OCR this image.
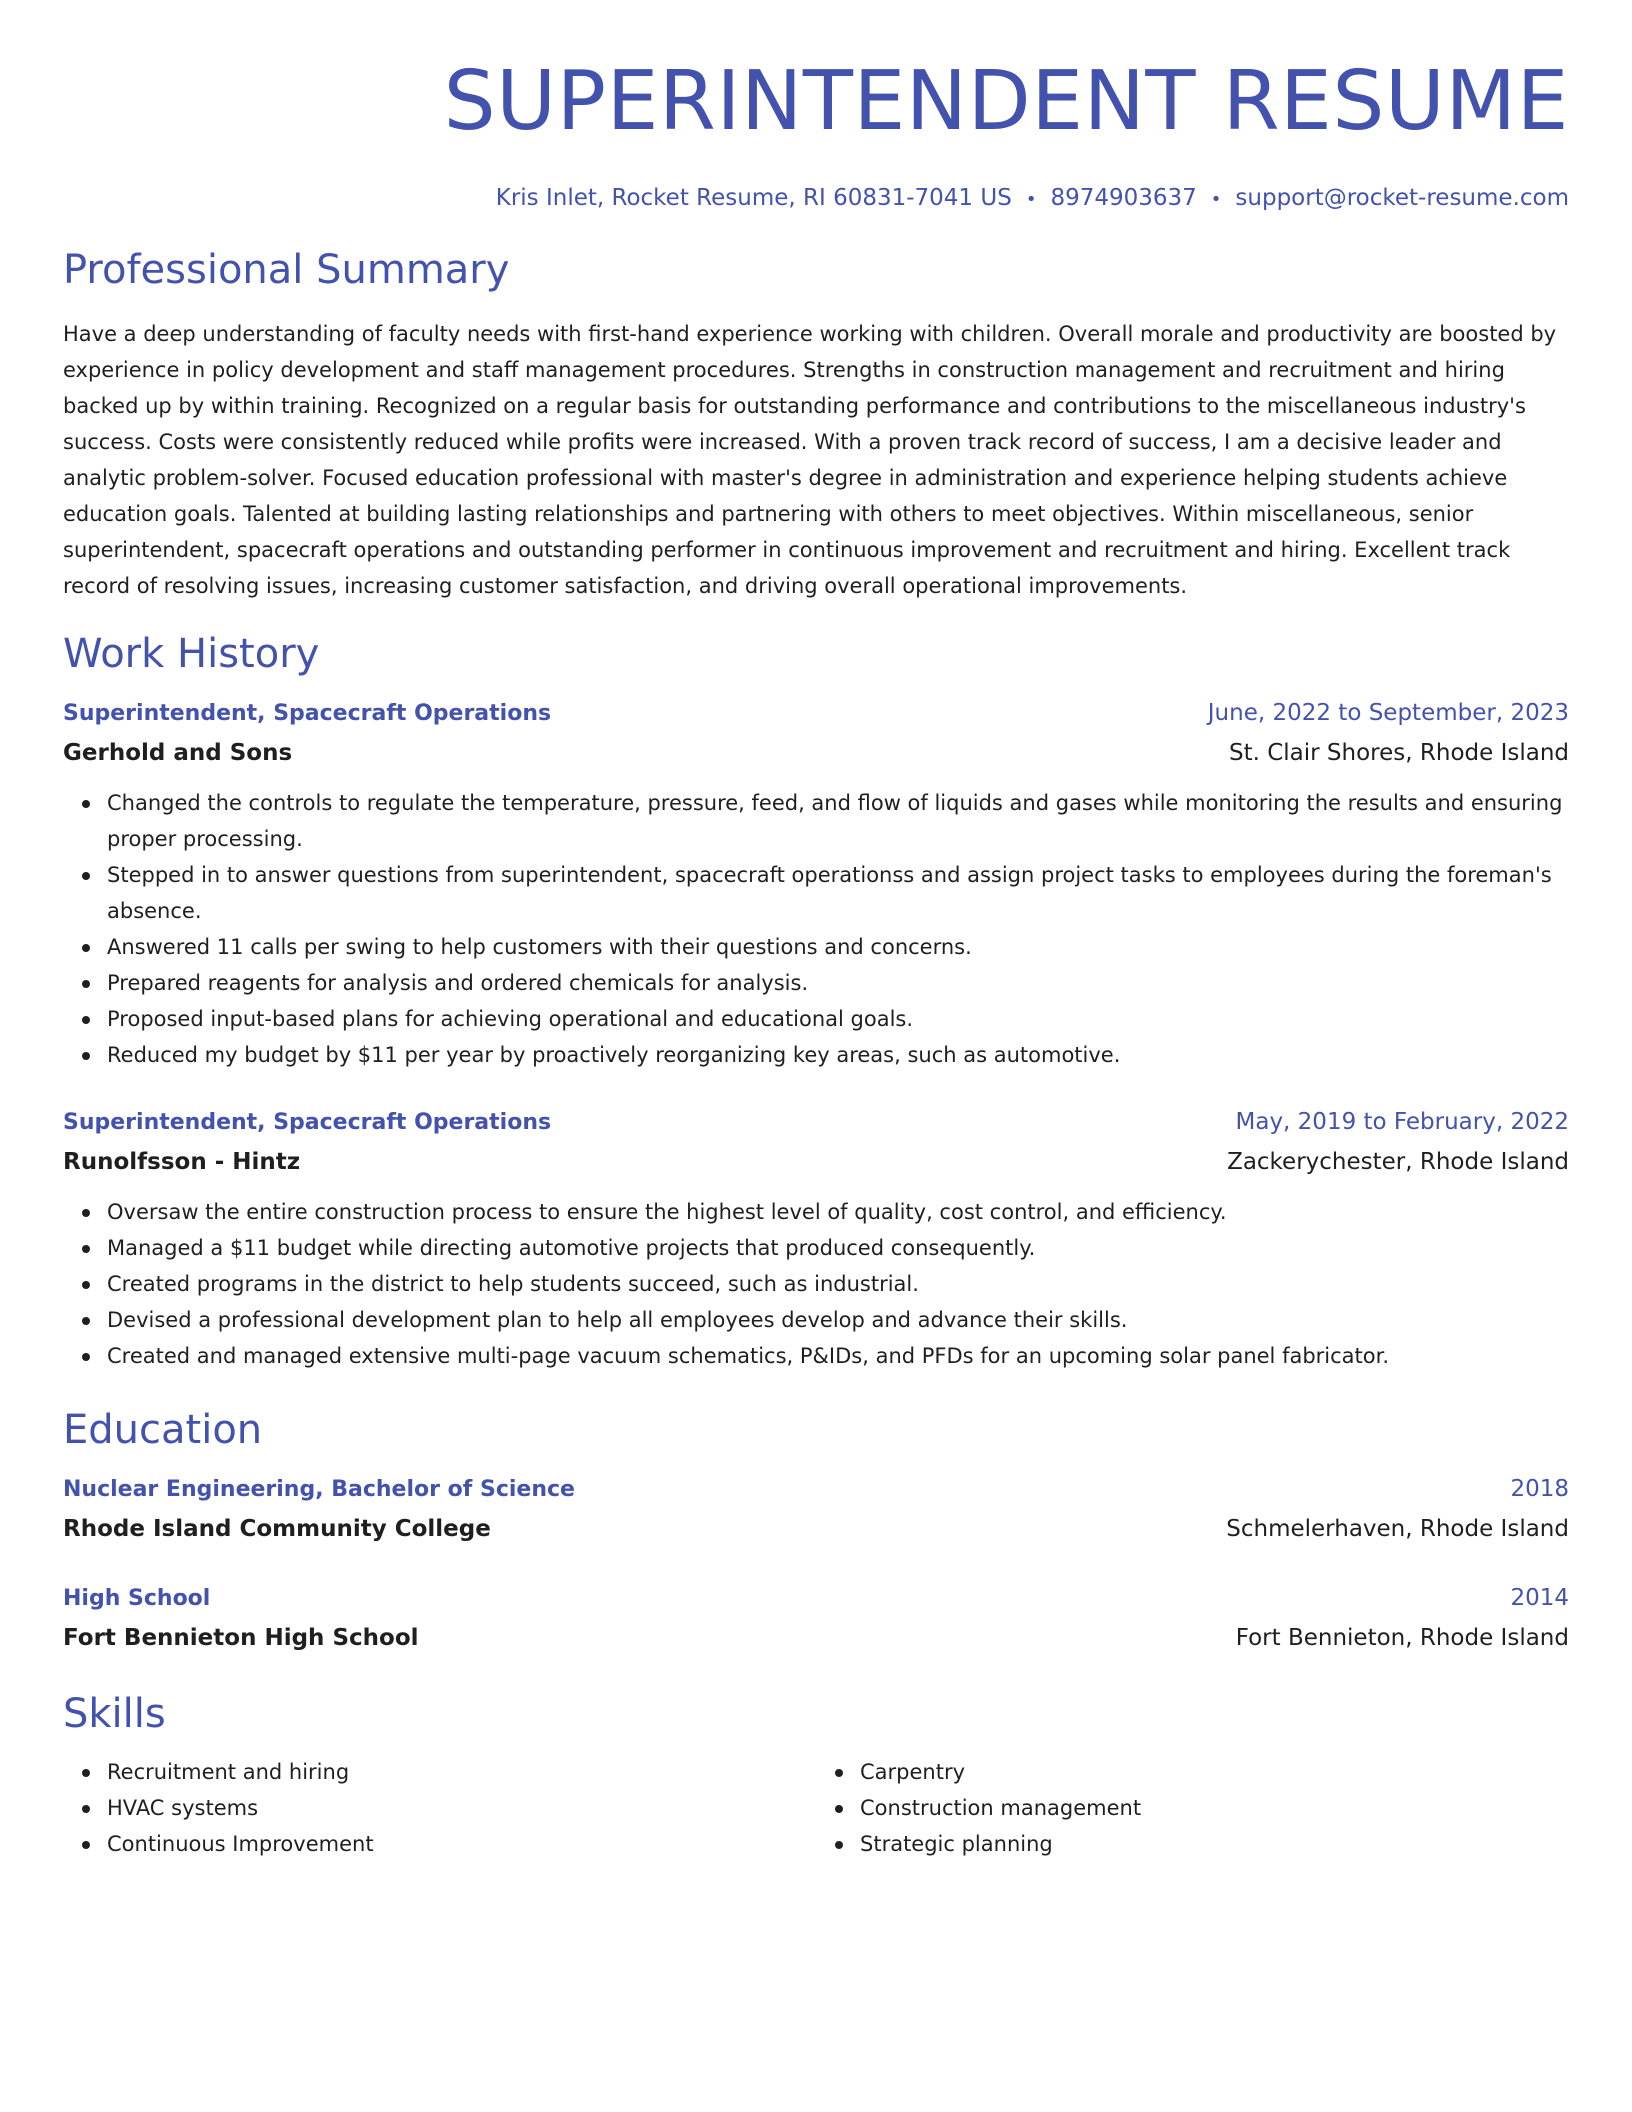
SUPERINTENDENT RESUME
Kris Inlet, Rocket Resume, RI 60831-7041 US • 8974903637 • support@rocket-resume.com
Professional Summary

Have a deep understanding of faculty needs with first-hand experience working with children. Overall morale and productivity are boosted by experience in policy development and staff management procedures. Strengths in construction management and recruitment and hiring backed up by within training. Recognized on a regular basis for outstanding performance and contributions to the miscellaneous industry's success. Costs were consistently reduced while profits were increased. With a proven track record of success, I am a decisive leader and analytic problem-solver. Focused education professional with master's degree in administration and experience helping students achieve education goals. Talented at building lasting relationships and partnering with others to meet objectives. Within miscellaneous, senior superintendent, spacecraft operations and outstanding performer in continuous improvement and recruitment and hiring. Excellent track record of resolving issues, increasing customer satisfaction, and driving overall operational improvements.

Work History
Superintendent, Spacecraft Operations	June, 2022 to September, 2023
Gerhold and Sons	St. Clair Shores, Rhode Island
Changed the controls to regulate the temperature, pressure, feed, and flow of liquids and gases while monitoring the results and ensuring proper processing.
Stepped in to answer questions from superintendent, spacecraft operationss and assign project tasks to employees during the foreman's absence.
Answered 11 calls per swing to help customers with their questions and concerns.
Prepared reagents for analysis and ordered chemicals for analysis.
Proposed input-based plans for achieving operational and educational goals.
Reduced my budget by $11 per year by proactively reorganizing key areas, such as automotive.
Superintendent, Spacecraft Operations	May, 2019 to February, 2022
Runolfsson - Hintz	Zackerychester, Rhode Island
Oversaw the entire construction process to ensure the highest level of quality, cost control, and efficiency.
Managed a $11 budget while directing automotive projects that produced consequently.
Created programs in the district to help students succeed, such as industrial.
Devised a professional development plan to help all employees develop and advance their skills.
Created and managed extensive multi-page vacuum schematics, P&IDs, and PFDs for an upcoming solar panel fabricator.
Education
Nuclear Engineering, Bachelor of Science	2018
Rhode Island Community College	Schmelerhaven, Rhode Island
High School	2014
Fort Bennieton High School	Fort Bennieton, Rhode Island
Skills
Recruitment and hiring
HVAC systems
Continuous Improvement
Carpentry
Construction management
Strategic planning
